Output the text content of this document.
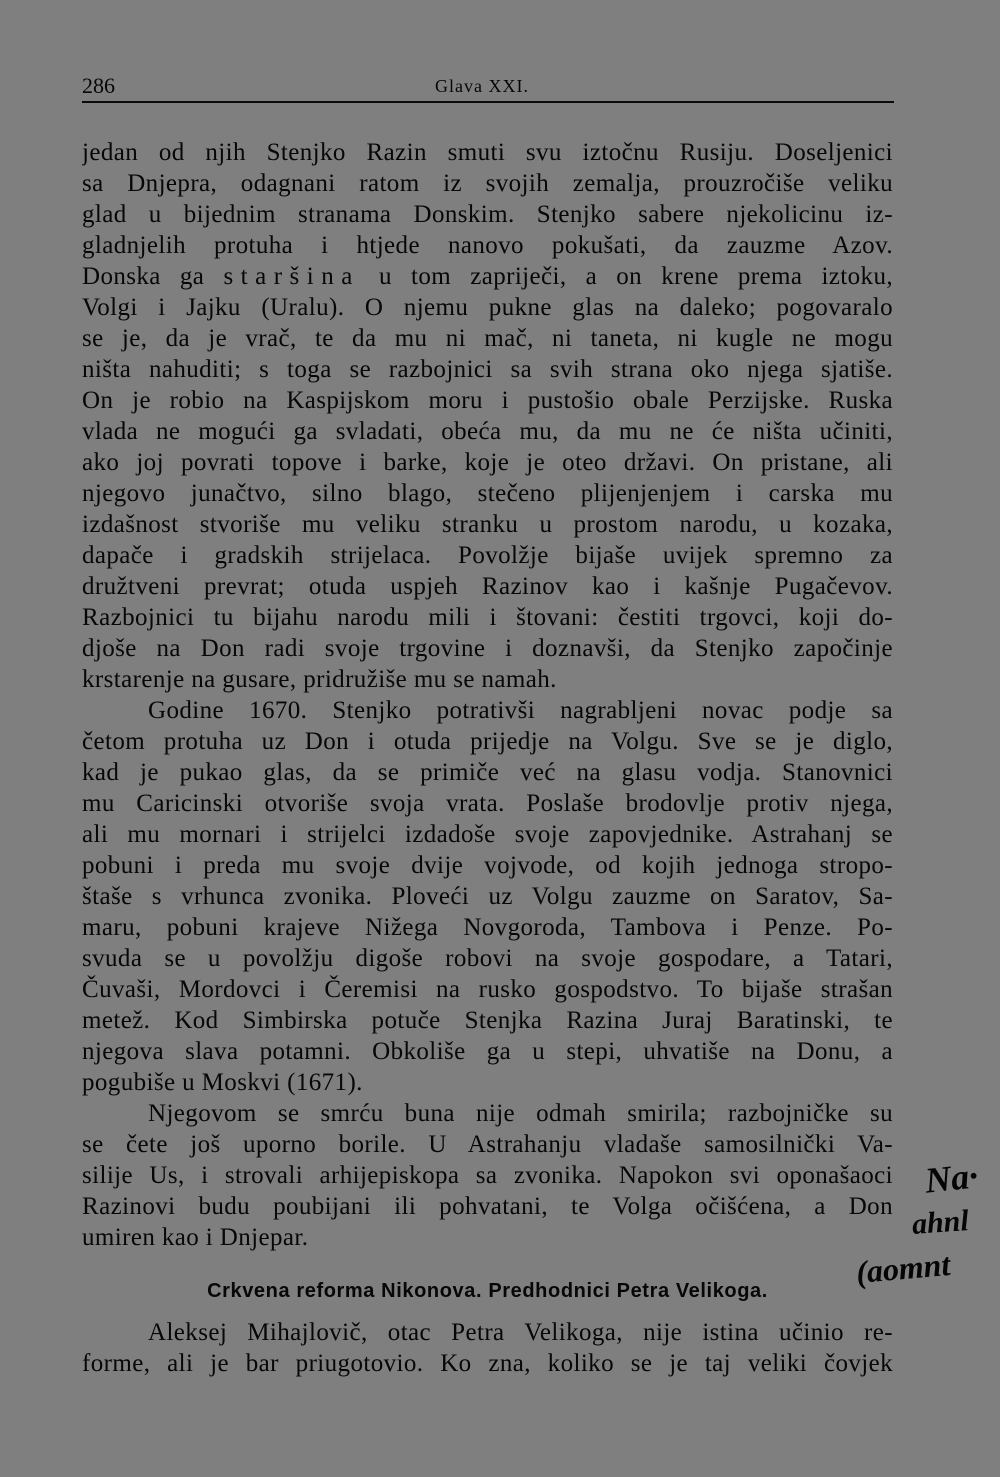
286	Glava XXI.
jedan od njih Stenjko Razin smuti svu iztočnu Rusiju. Doseljenici
sa Dnjepra, odagnani ratom iz svojih zemalja, prouzročiše veliku
glad u bijednim stranama Donskim. Stenjko sabere njekolicinu iz-
gladnjelih protuha i htjede nanovo pokušati, da zauzme Azov.
Donska ga staršina u tom zapriječi, a on krene prema iztoku,
Volgi i Jajku (Uralu). O njemu pukne glas na daleko; pogovaralo
se je, da je vrač, te da mu ni mač, ni taneta, ni kugle ne mogu
ništa nahuditi; s toga se razbojnici sa svih strana oko njega sjatiše.
On je robio na Kaspijskom moru i pustošio obale Perzijske. Ruska
vlada ne mogući ga svladati, obeća mu, da mu ne će ništa učiniti,
ako joj povrati topove i barke, koje je oteo državi. On pristane, ali
njegovo junačtvo, silno blago, stečeno plijenjenjem i carska mu
izdašnost stvoriše mu veliku stranku u prostom narodu, u kozaka,
dapače i gradskih strijelaca. Povolžje bijaše uvijek spremno za
družtveni prevrat; otuda uspjeh Razinov kao i kašnje Pugačevov.
Razbojnici tu bijahu narodu mili i štovani: čestiti trgovci, koji do-
djoše na Don radi svoje trgovine i doznavši, da Stenjko započinje
krstarenje na gusare, pridružiše mu se namah.
Godine 1670. Stenjko potrativši nagrabljeni novac podje sa
četom protuha uz Don i otuda prijedje na Volgu. Sve se je diglo,
kad je pukao glas, da se primiče već na glasu vodja. Stanovnici
mu Caricinski otvoriše svoja vrata. Poslaše brodovlje protiv njega,
ali mu mornari i strijelci izdadoše svoje zapovjednike. Astrahanj se
pobuni i preda mu svoje dvije vojvode, od kojih jednoga stropo-
štaše s vrhunca zvonika. Ploveći uz Volgu zauzme on Saratov, Sa-
maru, pobuni krajeve Nižega Novgoroda, Tambova i Penze. Po-
svuda se u povolžju digoše robovi na svoje gospodare, a Tatari,
Čuvaši, Mordovci i Čeremisi na rusko gospodstvo. To bijaše strašan
metež. Kod Simbirska potuče Stenjka Razina Juraj Baratinski, te
njegova slava potamni. Obkoliše ga u stepi, uhvatiše na Donu, a
pogubiše u Moskvi (1671).
Njegovom se smrću buna nije odmah smirila; razbojničke su
se čete još uporno borile. U Astrahanju vladaše samosilnički Va-
silije Us, i strovali arhijepiskopa sa zvonika. Napokon svi oponašaoci
Razinovi budu poubijani ili pohvatani, te Volga očišćena, a Don
umiren kao i Dnjepar.
Crkvena reforma Nikonova. Predhodnici Petra Velikoga.
Aleksej Mihajlovič, otac Petra Velikoga, nije istina učinio re-
forme, ali je bar priugotovio. Ko zna, koliko se je taj veliki čovjek
Na·
ahnl
(aomnt
